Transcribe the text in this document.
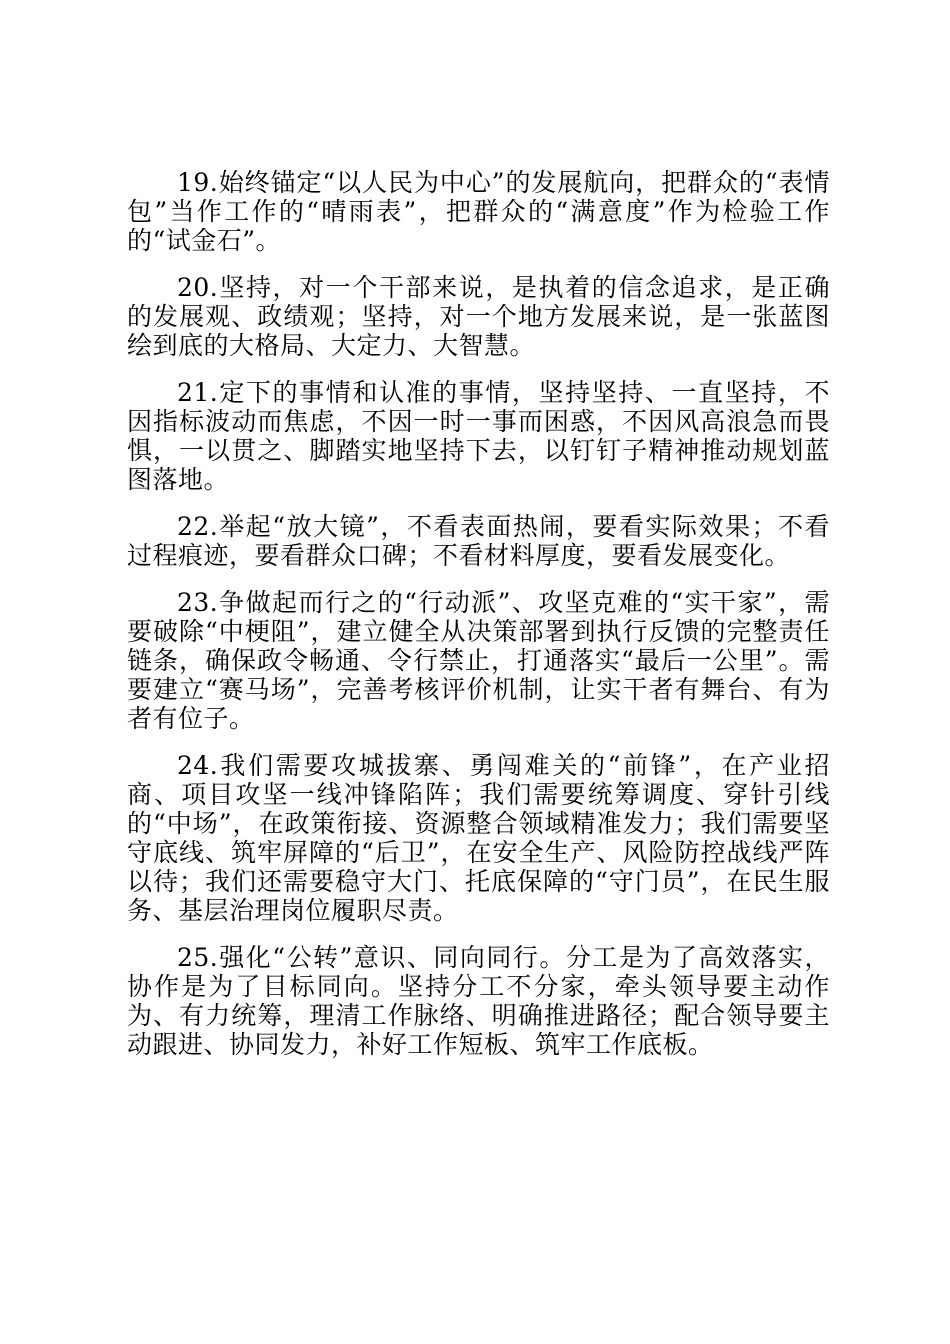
19.始终锚定“以人民为中心”的发展航向，把群众的“表情包”当作工作的“晴雨表”，把群众的“满意度”作为检验工作的“试金石”。

20.坚持，对一个干部来说，是执着的信念追求，是正确的发展观、政绩观；坚持，对一个地方发展来说，是一张蓝图绘到底的大格局、大定力、大智慧。

21.定下的事情和认准的事情，坚持坚持、一直坚持，不因指标波动而焦虑，不因一时一事而困惑，不因风高浪急而畏惧，一以贯之、脚踏实地坚持下去，以钉钉子精神推动规划蓝图落地。

22.举起“放大镜”，不看表面热闹，要看实际效果；不看过程痕迹，要看群众口碑；不看材料厚度，要看发展变化。

23.争做起而行之的“行动派”、攻坚克难的“实干家”，需要破除“中梗阻”，建立健全从决策部署到执行反馈的完整责任链条，确保政令畅通、令行禁止，打通落实“最后一公里”。需要建立“赛马场”，完善考核评价机制，让实干者有舞台、有为者有位子。

24.我们需要攻城拔寨、勇闯难关的“前锋”，在产业招商、项目攻坚一线冲锋陷阵；我们需要统筹调度、穿针引线的“中场”，在政策衔接、资源整合领域精准发力；我们需要坚守底线、筑牢屏障的“后卫”，在安全生产、风险防控战线严阵以待；我们还需要稳守大门、托底保障的“守门员”，在民生服务、基层治理岗位履职尽责。

25.强化“公转”意识、同向同行。分工是为了高效落实，协作是为了目标同向。坚持分工不分家，牵头领导要主动作为、有力统筹，理清工作脉络、明确推进路径；配合领导要主动跟进、协同发力，补好工作短板、筑牢工作底板。
